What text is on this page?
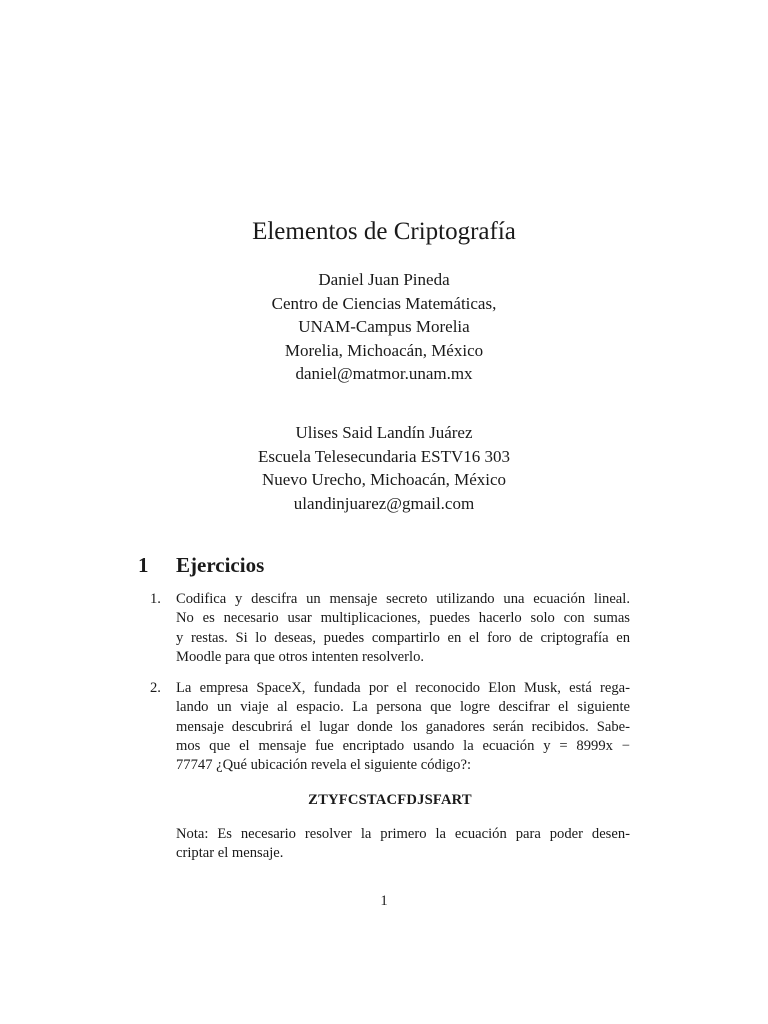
Elementos de Criptografía
Daniel Juan Pineda
Centro de Ciencias Matemáticas,
UNAM-Campus Morelia
Morelia, Michoacán, México
daniel@matmor.unam.mx
Ulises Said Landín Juárez
Escuela Telesecundaria ESTV16 303
Nuevo Urecho, Michoacán, México
ulandinjuarez@gmail.com
1 Ejercicios
1. Codifica y descifra un mensaje secreto utilizando una ecuación lineal.
No es necesario usar multiplicaciones, puedes hacerlo solo con sumas
y restas. Si lo deseas, puedes compartirlo en el foro de criptografía en
Moodle para que otros intenten resolverlo.
2. La empresa SpaceX, fundada por el reconocido Elon Musk, está rega-
lando un viaje al espacio. La persona que logre descifrar el siguiente
mensaje descubrirá el lugar donde los ganadores serán recibidos. Sabe-
mos que el mensaje fue encriptado usando la ecuación y = 8999x −
77747 ¿Qué ubicación revela el siguiente código?:
ZTYFCSTACFDJSFART
Nota: Es necesario resolver la primero la ecuación para poder desen-
criptar el mensaje.
1
